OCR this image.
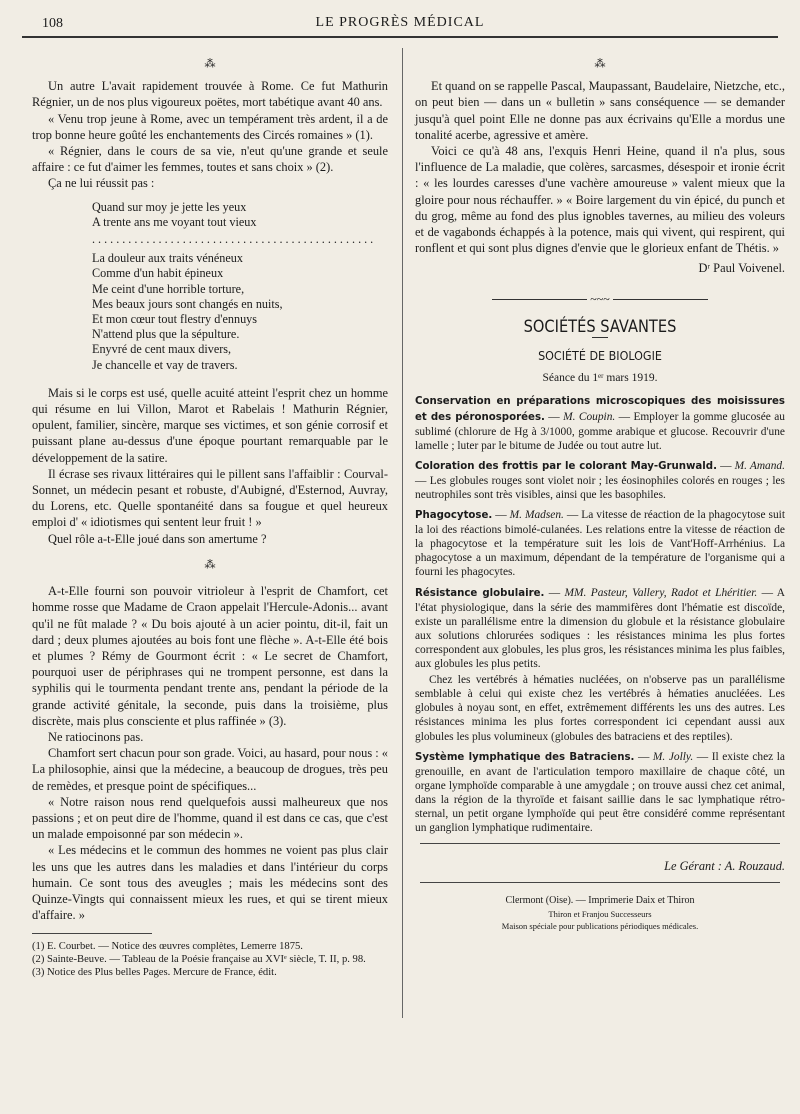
108	LE PROGRÈS MÉDICAL
⁂

Un autre L'avait rapidement trouvée à Rome. Ce fut Mathurin Régnier, un de nos plus vigoureux poëtes, mort tabétique avant 40 ans.

« Venu trop jeune à Rome, avec un tempérament très ardent, il a de trop bonne heure goûté les enchantements des Circés romaines » (1).

« Régnier, dans le cours de sa vie, n'eut qu'une grande et seule affaire : ce fut d'aimer les femmes, toutes et sans choix » (2).

Ça ne lui réussit pas :

Quand sur moy je jette les yeux
A trente ans me voyant tout vieux
...............................................
La douleur aux traits vénéneux
Comme d'un habit épineux
Me ceint d'une horrible torture,
Mes beaux jours sont changés en nuits,
Et mon cœur tout flestry d'ennuys
N'attend plus que la sépulture.
Enyvré de cent maux divers,
Je chancelle et vay de travers.

Mais si le corps est usé, quelle acuité atteint l'esprit chez un homme qui résume en lui Villon, Marot et Rabelais ! Mathurin Régnier, opulent, familier, sincère, marque ses victimes, et son génie corrosif et puissant plane au-dessus d'une époque pourtant remarquable par le développement de la satire.

Il écrase ses rivaux littéraires qui le pillent sans l'affaiblir : Courval-Sonnet, un médecin pesant et robuste, d'Aubigné, d'Esternod, Auvray, du Lorens, etc. Quelle spontanéité dans sa fougue et quel heureux emploi d' « idiotismes qui sentent leur fruit ! »

Quel rôle a-t-Elle joué dans son amertume ?

⁂

A-t-Elle fourni son pouvoir vitrioleur à l'esprit de Chamfort, cet homme rosse que Madame de Craon appelait l'Hercule-Adonis... avant qu'il ne fût malade ? « Du bois ajouté à un acier pointu, dit-il, fait un dard ; deux plumes ajoutées au bois font une flèche ». A-t-Elle été bois et plumes ? Rémy de Gourmont écrit : « Le secret de Chamfort, pourquoi user de périphrases qui ne trompent personne, est dans la syphilis qui le tourmenta pendant trente ans, pendant la période de la grande activité génitale, la seconde, puis dans la troisième, plus discrète, mais plus consciente et plus raffinée » (3).

Ne ratiocinons pas.

Chamfort sert chacun pour son grade. Voici, au hasard, pour nous : « La philosophie, ainsi que la médecine, a beaucoup de drogues, très peu de remèdes, et presque point de spécifiques...

« Notre raison nous rend quelquefois aussi malheureux que nos passions ; et on peut dire de l'homme, quand il est dans ce cas, que c'est un malade empoisonné par son médecin ».

« Les médecins et le commun des hommes ne voient pas plus clair les uns que les autres dans les maladies et dans l'intérieur du corps humain. Ce sont tous des aveugles ; mais les médecins sont des Quinze-Vingts qui connaissent mieux les rues, et qui se tirent mieux d'affaire. »

(1) E. Courbet. — Notice des œuvres complètes, Lemerre 1875.
(2) Sainte-Beuve. — Tableau de la Poésie française au XVIᵉ siècle, T. II, p. 98.
(3) Notice des Plus belles Pages. Mercure de France, édit.
⁂

Et quand on se rappelle Pascal, Maupassant, Baudelaire, Nietzche, etc., on peut bien — dans un « bulletin » sans conséquence — se demander jusqu'à quel point Elle ne donne pas aux écrivains qu'Elle a mordus une tonalité acerbe, agressive et amère.

Voici ce qu'à 48 ans, l'exquis Henri Heine, quand il n'a plus, sous l'influence de La maladie, que colères, sarcasmes, désespoir et ironie écrit : « les lourdes caresses d'une vachère amoureuse » valent mieux que la gloire pour nous réchauffer. » « Boire largement du vin épicé, du punch et du grog, même au fond des plus ignobles tavernes, au milieu des voleurs et de vagabonds échappés à la potence, mais qui vivent, qui respirent, qui ronflent et qui sont plus dignes d'envie que le glorieux enfant de Thétis. »

Dʳ Paul Voivenel.
~~~
SOCIÉTÉS SAVANTES
SOCIÉTÉ DE BIOLOGIE
Séance du 1ᵉʳ mars 1919.

Conservation en préparations microscopiques des moisissures et des péronosporées. — M. Coupin. — Employer la gomme glucosée au sublimé (chlorure de Hg à 3/1000, gomme arabique et glucose. Recouvrir d'une lamelle ; luter par le bitume de Judée ou tout autre lut.

Coloration des frottis par le colorant May-Grunwald. — M. Amand. — Les globules rouges sont violet noir ; les éosinophiles colorés en rouges ; les neutrophiles sont très visibles, ainsi que les basophiles.

Phagocytose. — M. Madsen. — La vitesse de réaction de la phagocytose suit la loi des réactions bimolé-culanées. Les relations entre la vitesse de réaction de la phagocytose et la température suit les lois de Vant'Hoff-Arrhénius. La phagocytose a un maximum, dépendant de la température de l'organisme qui a fourni les phagocytes.

Résistance globulaire. — MM. Pasteur, Vallery, Radot et Lhéritier. — A l'état physiologique, dans la série des mammifères dont l'hématie est discoïde, existe un parallélisme entre la dimension du globule et la résistance globulaire aux solutions chlorurées sodiques : les résistances minima les plus fortes correspondent aux globules, les plus gros, les résistances minima les plus faibles, aux globules les plus petits.

Chez les vertébrés à hématies nucléées, on n'observe pas un parallélisme semblable à celui qui existe chez les vertébrés à hématies anucléées. Les globules à noyau sont, en effet, extrêmement différents les uns des autres. Les résistances minima les plus fortes correspondent ici cependant aussi aux globules les plus volumineux (globules des batraciens et des reptiles).

Système lymphatique des Batraciens. — M. Jolly. — Il existe chez la grenouille, en avant de l'articulation temporo maxillaire de chaque côté, un organe lymphoïde comparable à une amygdale ; on trouve aussi chez cet animal, dans la région de la thyroïde et faisant saillie dans le sac lymphatique rétro-sternal, un petit organe lymphoïde qui peut être considéré comme représentant un ganglion lymphatique rudimentaire.

Le Gérant : A. Rouzaud.
Clermont (Oise). — Imprimerie Daix et Thiron
Thiron et Franjou Successeurs
Maison spéciale pour publications périodiques médicales.
